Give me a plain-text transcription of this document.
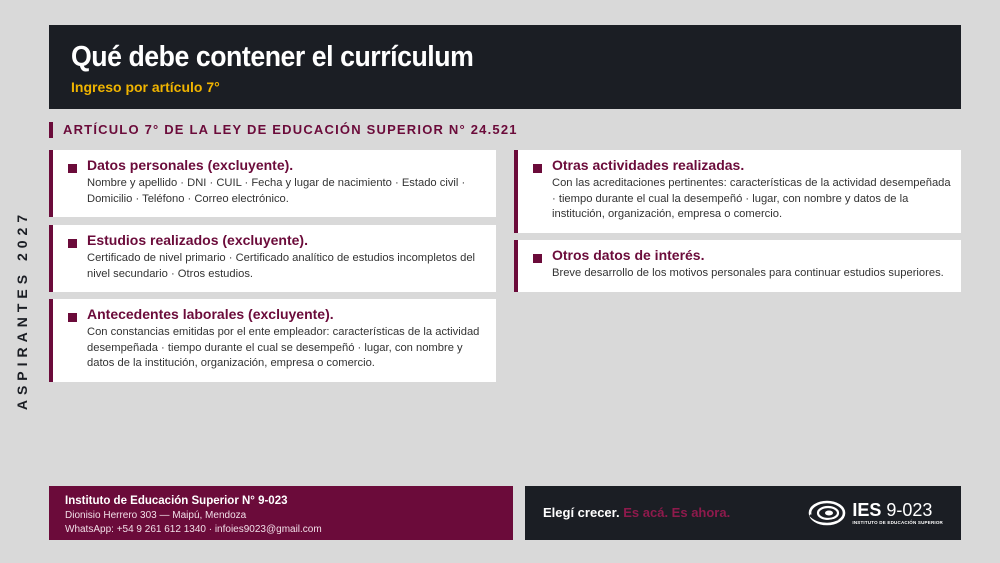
Qué debe contener el currículum
Ingreso por artículo 7°
ASPIRANTES 2027
ARTÍCULO 7° DE LA LEY DE EDUCACIÓN SUPERIOR N° 24.521
Datos personales (excluyente).
Nombre y apellido · DNI · CUIL · Fecha y lugar de nacimiento · Estado civil · Domicilio · Teléfono · Correo electrónico.
Estudios realizados (excluyente).
Certificado de nivel primario · Certificado analítico de estudios incompletos del nivel secundario · Otros estudios.
Antecedentes laborales (excluyente).
Con constancias emitidas por el ente empleador: características de la actividad desempeñada · tiempo durante el cual se desempeñó · lugar, con nombre y datos de la institución, organización, empresa o comercio.
Otras actividades realizadas.
Con las acreditaciones pertinentes: características de la actividad desempeñada · tiempo durante el cual la desempeñó · lugar, con nombre y datos de la institución, organización, empresa o comercio.
Otros datos de interés.
Breve desarrollo de los motivos personales para continuar estudios superiores.
Instituto de Educación Superior N° 9-023
Dionisio Herrero 303 — Maipú, Mendoza
WhatsApp: +54 9 261 612 1340 · infoies9023@gmail.com
Elegí crecer. Es acá. Es ahora.	IES 9-023
INSTITUTO DE EDUCACIÓN SUPERIOR
